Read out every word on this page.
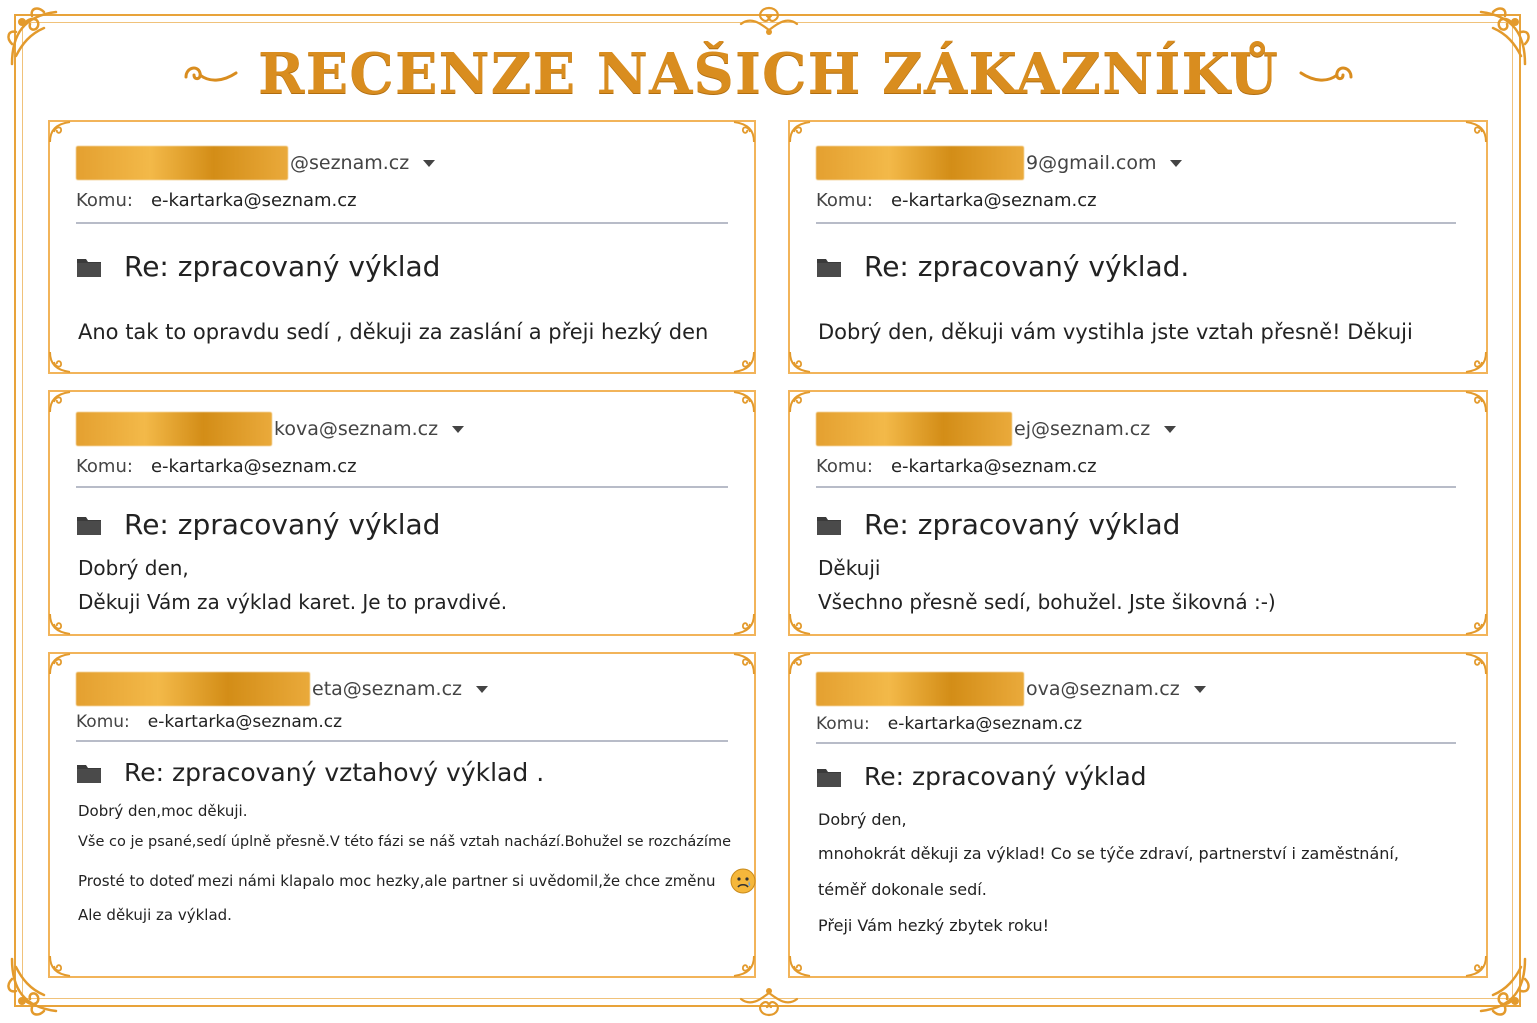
RECENZE NAŠICH ZÁKAZNÍKŮ
@seznam.cz
Komu: e-kartarka@seznam.cz
Re: zpracovaný výklad
Ano tak to opravdu sedí , děkuji za zaslání a přeji hezký den
9@gmail.com
Komu: e-kartarka@seznam.cz
Re: zpracovaný výklad.
Dobrý den, děkuji vám vystihla jste vztah přesně! Děkuji
kova@seznam.cz
Komu: e-kartarka@seznam.cz
Re: zpracovaný výklad
Dobrý den,
Děkuji Vám za výklad karet. Je to pravdivé.
ej@seznam.cz
Komu: e-kartarka@seznam.cz
Re: zpracovaný výklad
Děkuji
Všechno přesně sedí, bohužel. Jste šikovná :-)
eta@seznam.cz
Komu: e-kartarka@seznam.cz
Re: zpracovaný vztahový výklad .
Dobrý den,moc děkuji.
Vše co je psané,sedí úplně přesně.V této fázi se náš vztah nachází.Bohužel se rozcházíme
Prosté to doteď mezi námi klapalo moc hezky,ale partner si uvědomil,že chce změnu
Ale děkuji za výklad.
ova@seznam.cz
Komu: e-kartarka@seznam.cz
Re: zpracovaný výklad
Dobrý den,
mnohokrát děkuji za výklad! Co se týče zdraví, partnerství i zaměstnání,
téměř dokonale sedí.
Přeji Vám hezký zbytek roku!
